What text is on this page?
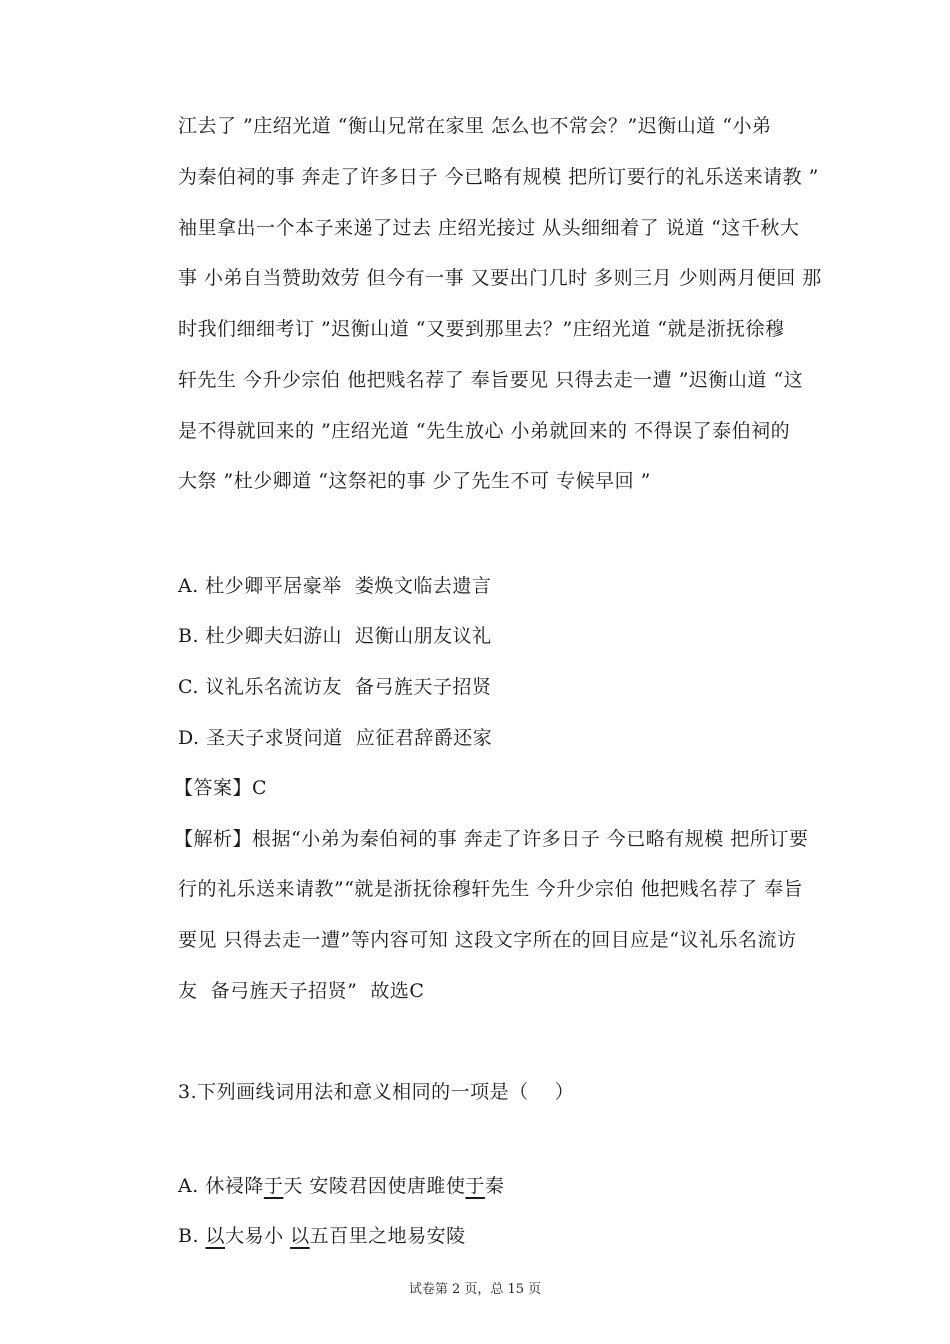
江去了 ”庄绍光道 “衡山兄常在家里 怎么也不常会？”迟衡山道 “小弟
为秦伯祠的事 奔走了许多日子 今已略有规模 把所订要行的礼乐送来请教 ”
袖里拿出一个本子来递了过去 庄绍光接过 从头细细着了 说道 “这千秋大
事 小弟自当赞助效劳 但今有一事 又要出门几时 多则三月 少则两月便回 那
时我们细细考订 ”迟衡山道 “又要到那里去？”庄绍光道 “就是浙抚徐穆
轩先生 今升少宗伯 他把贱名荐了 奉旨要见 只得去走一遭 ”迟衡山道 “这
是不得就回来的 ”庄绍光道 “先生放心 小弟就回来的 不得误了泰伯祠的
大祭 ”杜少卿道 “这祭祀的事 少了先生不可 专候早回 ”
A. 杜少卿平居豪举  娄焕文临去遗言
B. 杜少卿夫妇游山  迟衡山朋友议礼
C. 议礼乐名流访友  备弓旌天子招贤
D. 圣天子求贤问道  应征君辞爵还家
【答案】C
【解析】根据“小弟为秦伯祠的事 奔走了许多日子 今已略有规模 把所订要
行的礼乐送来请教”“就是浙抚徐穆轩先生 今升少宗伯 他把贱名荐了 奉旨
要见 只得去走一遭”等内容可知 这段文字所在的回目应是“议礼乐名流访
友  备弓旌天子招贤”  故选C
3.下列画线词用法和意义相同的一项是（    ）
A. 休祲降于天 安陵君因使唐雎使于秦
B. 以大易小 以五百里之地易安陵
试卷第 2 页，总 15 页
